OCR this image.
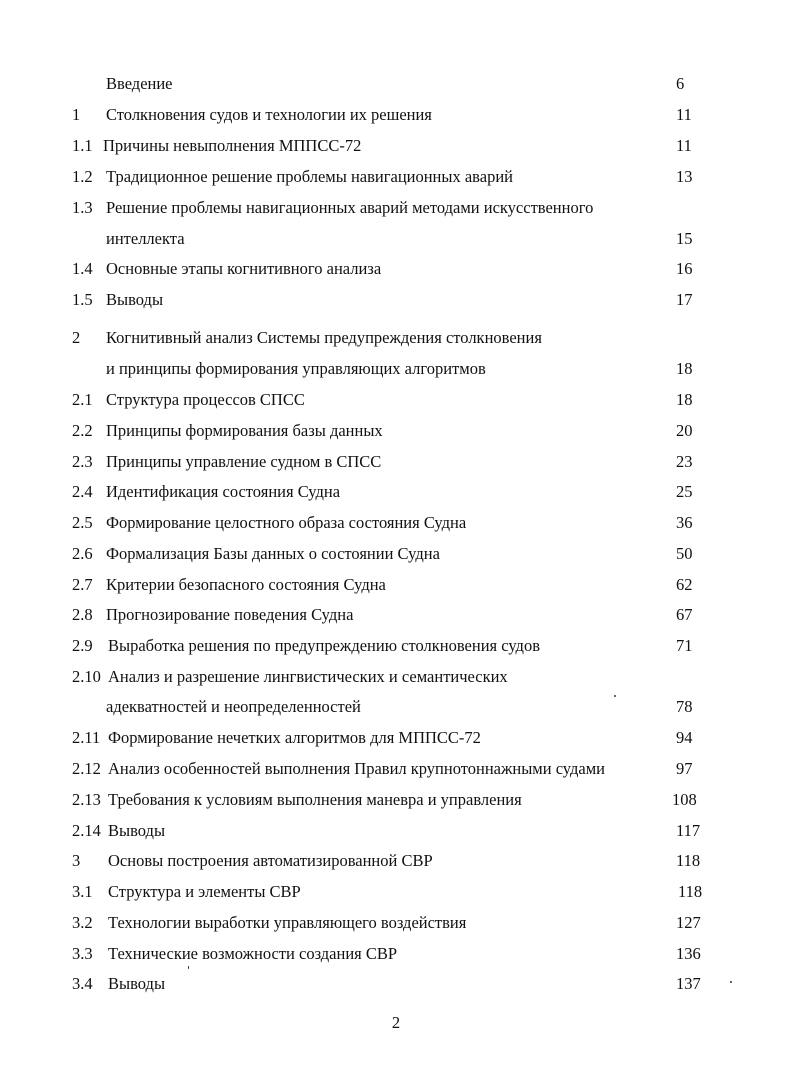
Введение	6
1 Столкновения судов и технологии их решения	11
1.1 Причины невыполнения МППСС-72	11
1.2 Традиционное решение проблемы навигационных аварий	13
1.3 Решение проблемы навигационных аварий методами искусственного
интеллекта	15
1.4 Основные этапы когнитивного анализа	16
1.5 Выводы	17
2 Когнитивный анализ Системы предупреждения столкновения
и принципы формирования управляющих алгоритмов	18
2.1 Структура процессов СПСС	18
2.2 Принципы формирования базы данных	20
2.3 Принципы управление судном в СПСС	23
2.4 Идентификация состояния Судна	25
2.5 Формирование целостного образа состояния Судна	36
2.6 Формализация Базы данных о состоянии Судна	50
2.7 Критерии безопасного состояния Судна	62
2.8 Прогнозирование поведения Судна	67
2.9 Выработка решения по предупреждению столкновения судов	71
2.10 Анализ и разрешение лингвистических и семантических
адекватностей и неопределенностей	78
2.11 Формирование нечетких алгоритмов для МППСС-72	94
2.12 Анализ особенностей выполнения Правил крупнотоннажными судами	97
2.13 Требования к условиям выполнения маневра и управления	108
2.14 Выводы	117
3 Основы построения автоматизированной СВР	118
3.1 Структура и элементы СВР	118
3.2 Технологии выработки управляющего воздействия	127
3.3 Технические возможности создания СВР	136
3.4 Выводы	137
2
